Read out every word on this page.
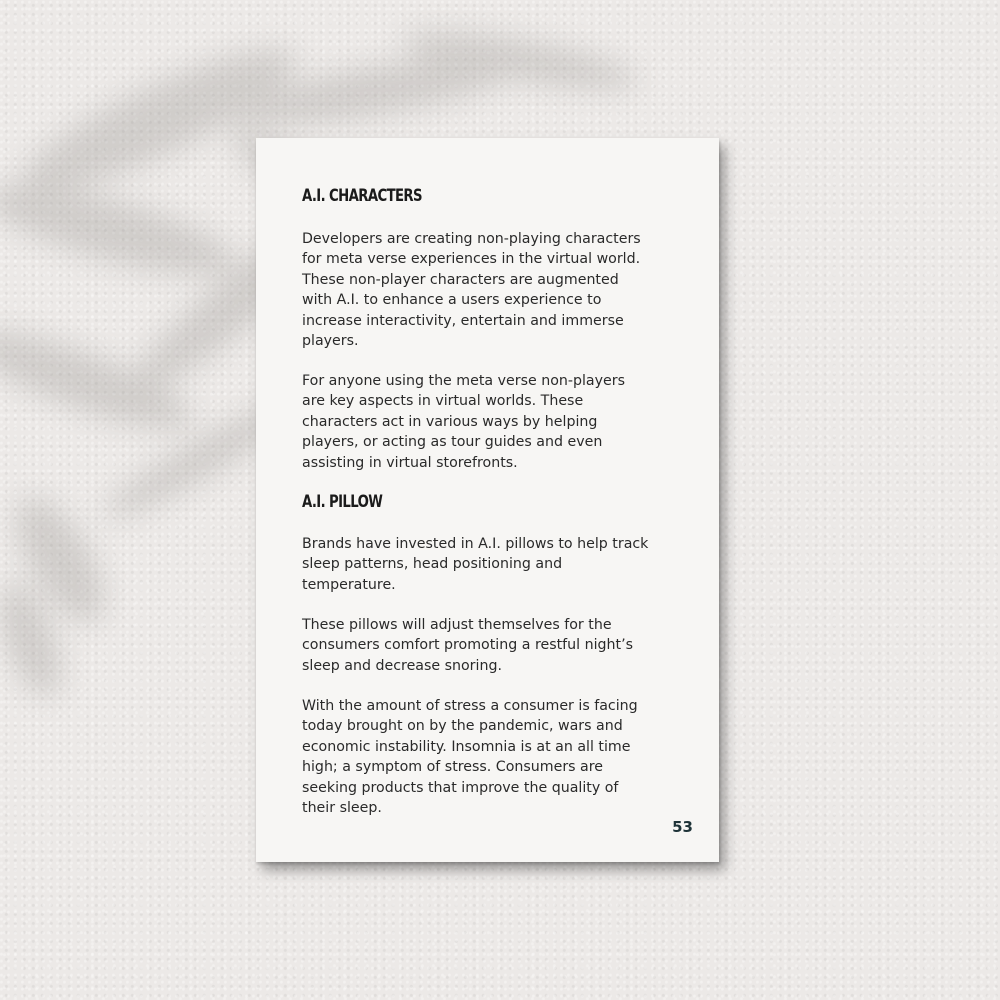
A.I. CHARACTERS

Developers are creating non-playing characters
for meta verse experiences in the virtual world.
These non-player characters are augmented
with A.I. to enhance a users experience to
increase interactivity, entertain and immerse
players.

For anyone using the meta verse non-players
are key aspects in virtual worlds. These
characters act in various ways by helping
players, or acting as tour guides and even
assisting in virtual storefronts.

A.I. PILLOW

Brands have invested in A.I. pillows to help track
sleep patterns, head positioning and
temperature.

These pillows will adjust themselves for the
consumers comfort promoting a restful night’s
sleep and decrease snoring.

With the amount of stress a consumer is facing
today brought on by the pandemic, wars and
economic instability. Insomnia is at an all time
high; a symptom of stress. Consumers are
seeking products that improve the quality of
their sleep.

53
